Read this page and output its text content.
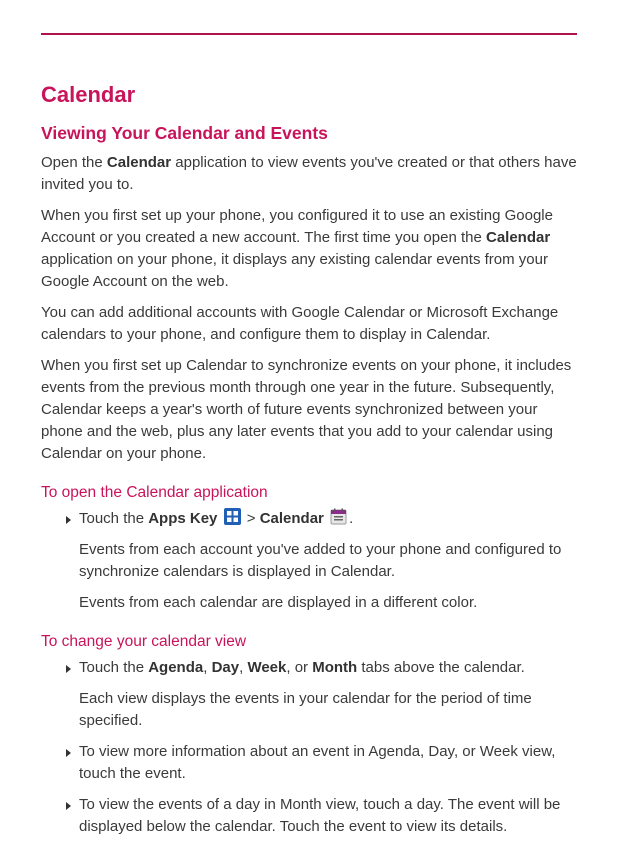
Calendar
Viewing Your Calendar and Events

Open the Calendar application to view events you've created or that others have invited you to.

When you first set up your phone, you configured it to use an existing Google Account or you created a new account. The first time you open the Calendar application on your phone, it displays any existing calendar events from your Google Account on the web.

You can add additional accounts with Google Calendar or Microsoft Exchange calendars to your phone, and configure them to display in Calendar.

When you first set up Calendar to synchronize events on your phone, it includes events from the previous month through one year in the future. Subsequently, Calendar keeps a year's worth of future events synchronized between your phone and the web, plus any later events that you add to your calendar using Calendar on your phone.

To open the Calendar application
Touch the Apps Key  > Calendar .

Events from each account you've added to your phone and configured to synchronize calendars is displayed in Calendar.

Events from each calendar are displayed in a different color.

To change your calendar view
Touch the Agenda, Day, Week, or Month tabs above the calendar.

Each view displays the events in your calendar for the period of time specified.

To view more information about an event in Agenda, Day, or Week view, touch the event.
To view the events of a day in Month view, touch a day. The event will be displayed below the calendar. Touch the event to view its details.
